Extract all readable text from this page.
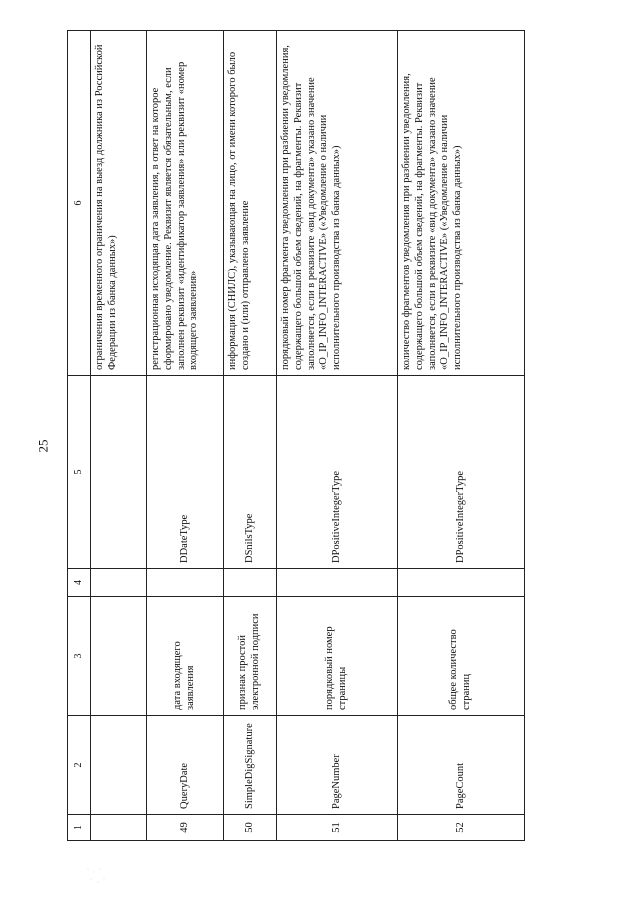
25
1	2	3	4	5	6
					ограничения временного ограничения на выезд должника из Российской Федерации из банка данных»)
49	QueryDate	дата входящего заявления		DDateType	регистрационная исходящая дата заявления, в ответ на которое сформировано уведомление. Реквизит является обязательным, если заполнен реквизит «идентификатор заявления» или реквизит «номер входящего заявления»
50	SimpleDigSignature	признак простой электронной подписи		DSnilsType	информация (СНИЛС), указывающая на лицо, от имени которого было создано и (или) отправлено заявление
51	PageNumber	порядковый номер страницы		DPositiveIntegerType	порядковый номер фрагмента уведомления при разбиении уведомления, содержащего большой объем сведений, на фрагменты. Реквизит заполняется, если в реквизите «вид документа» указано значение «O_IP_INFO_INTERACTIVE» («Уведомление о наличии исполнительного производства из банка данных»)
52	PageCount	общее количество страниц		DPositiveIntegerType	количество фрагментов уведомления при разбиении уведомления, содержащего большой объем сведений, на фрагменты. Реквизит заполняется, если в реквизите «вид документа» указано значение «O_IP_INFO_INTERACTIVE» («Уведомление о наличии исполнительного производства из банка данных»)
